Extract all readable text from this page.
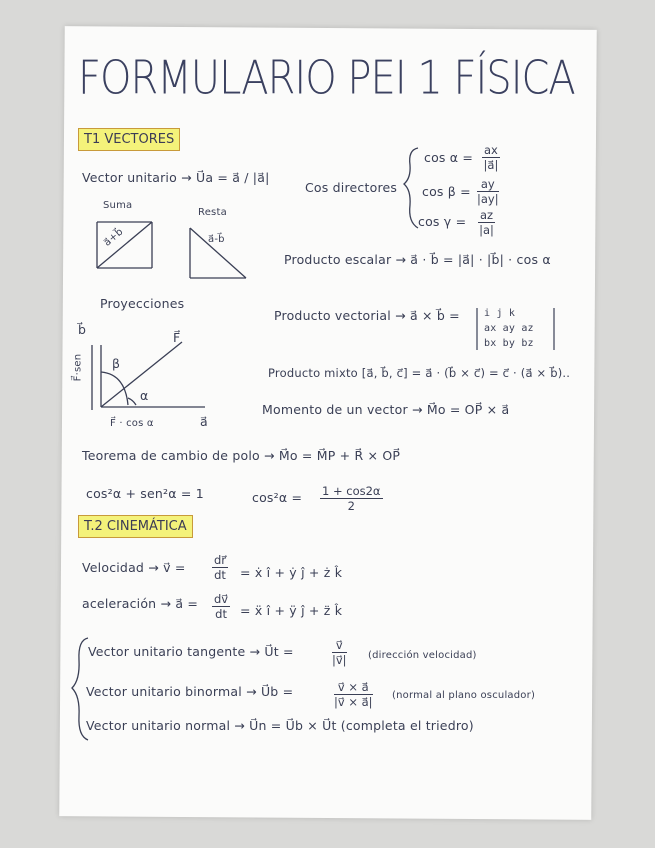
FORMULARIO PEI 1 FÍSICA
T1 VECTORES
Vector unitario → U⃗a = a⃗ / |a⃗|
Suma
Resta
a⃗+b⃗	a⃗-b⃗
Cos directores
$\cos \alpha = \frac{ax}{|a⃗|}$
$\cos \beta = \frac{ay}{|ay|}$
$\cos \gamma = \frac{az}{|a|}$
Producto escalar → a⃗ · b⃗ = |a⃗| · |b⃗| · cos α
Proyecciones
b⃗
F⃗
β
α
F⃗·sen
F⃗ · cos α	a⃗
Producto vectorial → a⃗ × b⃗ = i j k
ax ay az
bx by bz
Producto mixto [a⃗, b⃗, c⃗] = a⃗ · (b⃗ × c⃗) = c⃗ · (a⃗ × b⃗)..
Momento de un vector → M⃗o = OP⃗ × a⃗
Teorema de cambio de polo → M⃗o = M⃗P + R⃗ × OP⃗
cos²α + sen²α = 1	$\cos^2\alpha = \frac{1 + \cos 2\alpha}{2}$
T.2 CINEMÁTICA
Velocidad → v⃗ = $\frac{dr⃗}{dt}$ = ẋ î + ẏ ĵ + ż k̂
aceleración → a⃗ = $\frac{dv⃗}{dt}$ = ẍ î + ÿ ĵ + z̈ k̂
Vector unitario tangente → U⃗t =	$\frac{v⃗}{|v⃗|}$ (dirección velocidad)
Vector unitario binormal → U⃗b =	$\frac{v⃗ \times a⃗}{|v⃗ \times a⃗|}$ (normal al plano osculador)
Vector unitario normal → U⃗n = U⃗b × U⃗t (completa el triedro)
